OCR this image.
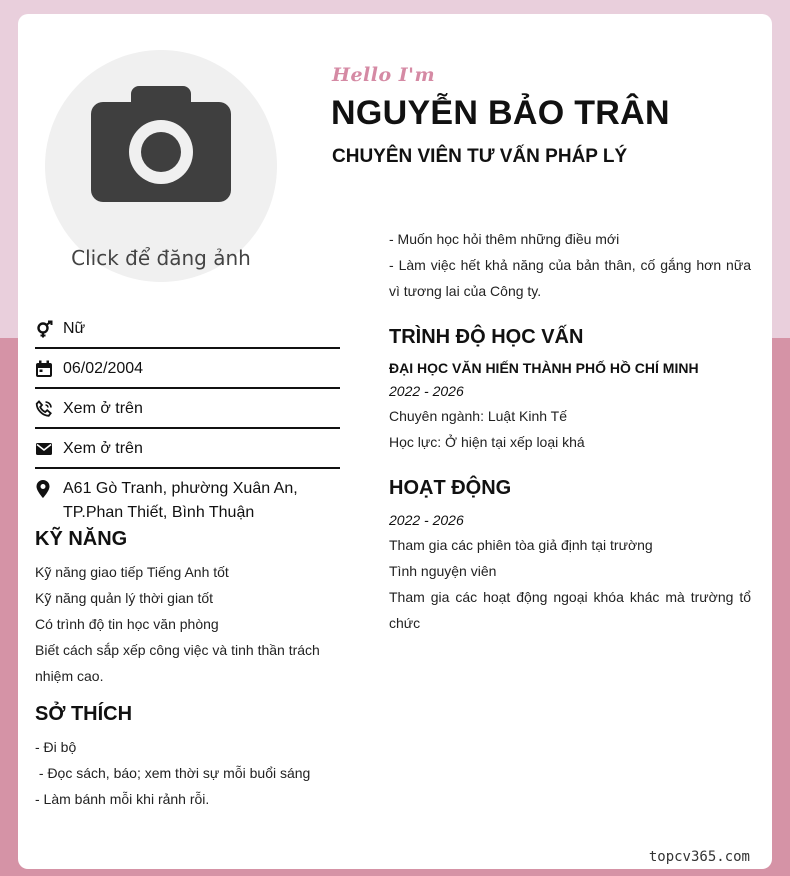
Click để đăng ảnh
Hello I'm
NGUYỄN BẢO TRÂN
CHUYÊN VIÊN TƯ VẤN PHÁP LÝ
Nữ
06/02/2004
Xem ở trên
Xem ở trên
A61 Gò Tranh, phường Xuân An, TP.Phan Thiết, Bình Thuận
KỸ NĂNG

Kỹ năng giao tiếp Tiếng Anh tốt

Kỹ năng quản lý thời gian tốt

Có trình độ tin học văn phòng

Biết cách sắp xếp công việc và tinh thần trách nhiệm cao.

SỞ THÍCH

- Đi bộ

- Đọc sách, báo; xem thời sự mỗi buổi sáng

- Làm bánh mỗi khi rảnh rỗi.

- Muốn học hỏi thêm những điều mới

- Làm việc hết khả năng của bản thân, cố gắng hơn nữa vì tương lai của Công ty.

TRÌNH ĐỘ HỌC VẤN
ĐẠI HỌC VĂN HIẾN THÀNH PHỐ HỒ CHÍ MINH
2022 - 2026

Chuyên ngành: Luật Kinh Tế

Học lực: Ở hiện tại xếp loại khá

HOẠT ĐỘNG
2022 - 2026

Tham gia các phiên tòa giả định tại trường

Tình nguyện viên

Tham gia các hoạt động ngoại khóa khác mà trường tổ chức

topcv365.com
